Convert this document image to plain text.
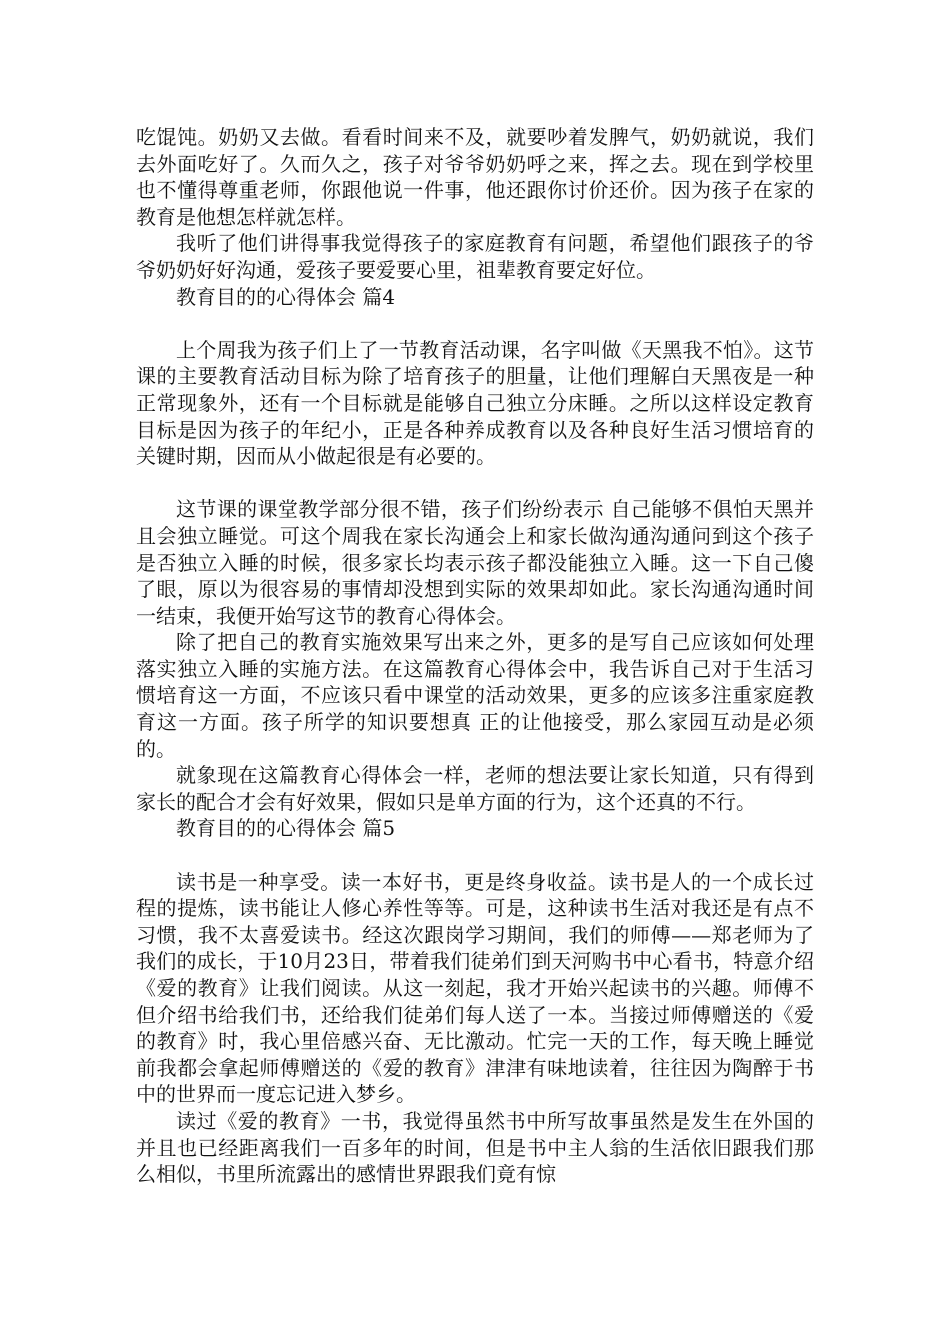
吃馄饨。奶奶又去做。看看时间来不及，就要吵着发脾气，奶奶就说，我们去外面吃好了。久而久之，孩子对爷爷奶奶呼之来，挥之去。现在到学校里也不懂得尊重老师，你跟他说一件事，他还跟你讨价还价。因为孩子在家的教育是他想怎样就怎样。

我听了他们讲得事我觉得孩子的家庭教育有问题，希望他们跟孩子的爷爷奶奶好好沟通，爱孩子要爱要心里，祖辈教育要定好位。

教育目的的心得体会 篇4

上个周我为孩子们上了一节教育活动课，名字叫做《天黑我不怕》。这节课的主要教育活动目标为除了培育孩子的胆量，让他们理解白天黑夜是一种正常现象外，还有一个目标就是能够自己独立分床睡。之所以这样设定教育目标是因为孩子的年纪小，正是各种养成教育以及各种良好生活习惯培育的关键时期，因而从小做起很是有必要的。

这节课的课堂教学部分很不错，孩子们纷纷表示 自己能够不俱怕天黑并且会独立睡觉。可这个周我在家长沟通会上和家长做沟通沟通问到这个孩子是否独立入睡的时候，很多家长均表示孩子都没能独立入睡。这一下自己傻了眼，原以为很容易的事情却没想到实际的效果却如此。家长沟通沟通时间一结束，我便开始写这节的教育心得体会。

除了把自己的教育实施效果写出来之外，更多的是写自己应该如何处理落实独立入睡的实施方法。在这篇教育心得体会中，我告诉自己对于生活习惯培育这一方面，不应该只看中课堂的活动效果，更多的应该多注重家庭教育这一方面。孩子所学的知识要想真 正的让他接受，那么家园互动是必须的。

就象现在这篇教育心得体会一样，老师的想法要让家长知道，只有得到家长的配合才会有好效果，假如只是单方面的行为，这个还真的不行。

教育目的的心得体会 篇5

读书是一种享受。读一本好书，更是终身收益。读书是人的一个成长过程的提炼，读书能让人修心养性等等。可是，这种读书生活对我还是有点不习惯，我不太喜爱读书。经这次跟岗学习期间，我们的师傅——郑老师为了我们的成长，于10月23日，带着我们徒弟们到天河购书中心看书，特意介绍《爱的教育》让我们阅读。从这一刻起，我才开始兴起读书的兴趣。师傅不但介绍书给我们书，还给我们徒弟们每人送了一本。当接过师傅赠送的《爱的教育》时，我心里倍感兴奋、无比激动。忙完一天的工作，每天晚上睡觉前我都会拿起师傅赠送的《爱的教育》津津有味地读着，往往因为陶醉于书中的世界而一度忘记进入梦乡。

读过《爱的教育》一书，我觉得虽然书中所写故事虽然是发生在外国的并且也已经距离我们一百多年的时间，但是书中主人翁的生活依旧跟我们那么相似，书里所流露出的感情世界跟我们竟有惊
